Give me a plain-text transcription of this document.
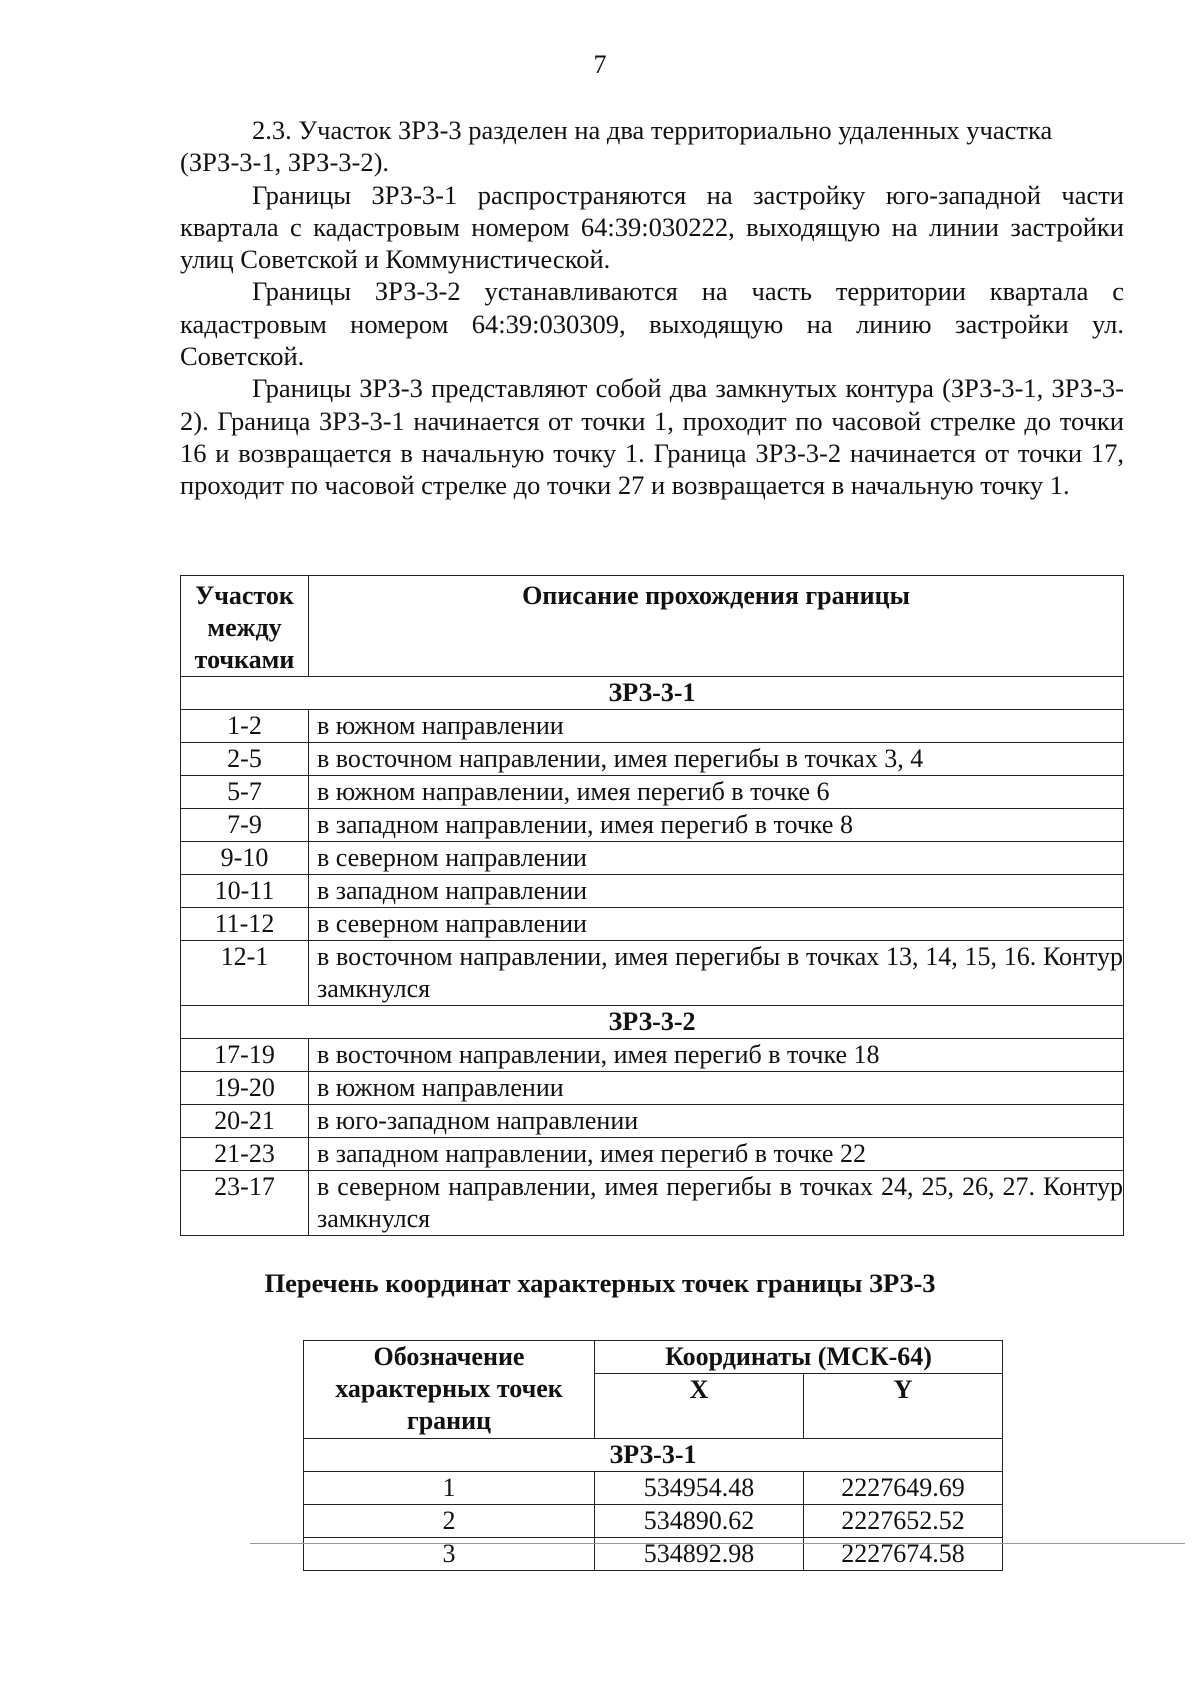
7

2.3. Участок ЗРЗ-3 разделен на два территориально удаленных участка

(ЗРЗ-3-1, ЗРЗ-3-2).

Границы ЗРЗ-3-1 распространяются на застройку юго-западной части квартала с кадастровым номером 64:39:030222, выходящую на линии застройки улиц Советской и Коммунистической.

Границы ЗРЗ-3-2 устанавливаются на часть территории квартала с кадастровым номером 64:39:030309, выходящую на линию застройки ул. Советской.

Границы ЗРЗ-3 представляют собой два замкнутых контура (ЗРЗ-3-1, ЗРЗ-3-2). Граница ЗРЗ-3-1 начинается от точки 1, проходит по часовой стрелке до точки 16 и возвращается в начальную точку 1. Граница ЗРЗ-3-2 начинается от точки 17, проходит по часовой стрелке до точки 27 и возвращается в начальную точку 1.

Участок между точками	Описание прохождения границы
ЗРЗ-3-1	
1-2	в южном направлении
2-5	в восточном направлении, имея перегибы в точках 3, 4
5-7	в южном направлении, имея перегиб в точке 6
7-9	в западном направлении, имея перегиб в точке 8
9-10	в северном направлении
10-11	в западном направлении
11-12	в северном направлении
12-1	в восточном направлении, имея перегибы в точках 13, 14, 15, 16. Контур замкнулся
ЗРЗ-3-2	
17-19	в восточном направлении, имея перегиб в точке 18
19-20	в южном направлении
20-21	в юго-западном направлении
21-23	в западном направлении, имея перегиб в точке 22
23-17	в северном направлении, имея перегибы в точках 24, 25, 26, 27. Контур замкнулся
Перечень координат характерных точек границы ЗРЗ-3
Обозначение характерных точек границ	Координаты (МСК-64)	
	X	Y
ЗРЗ-3-1		
1	534954.48	2227649.69
2	534890.62	2227652.52
3	534892.98	2227674.58
